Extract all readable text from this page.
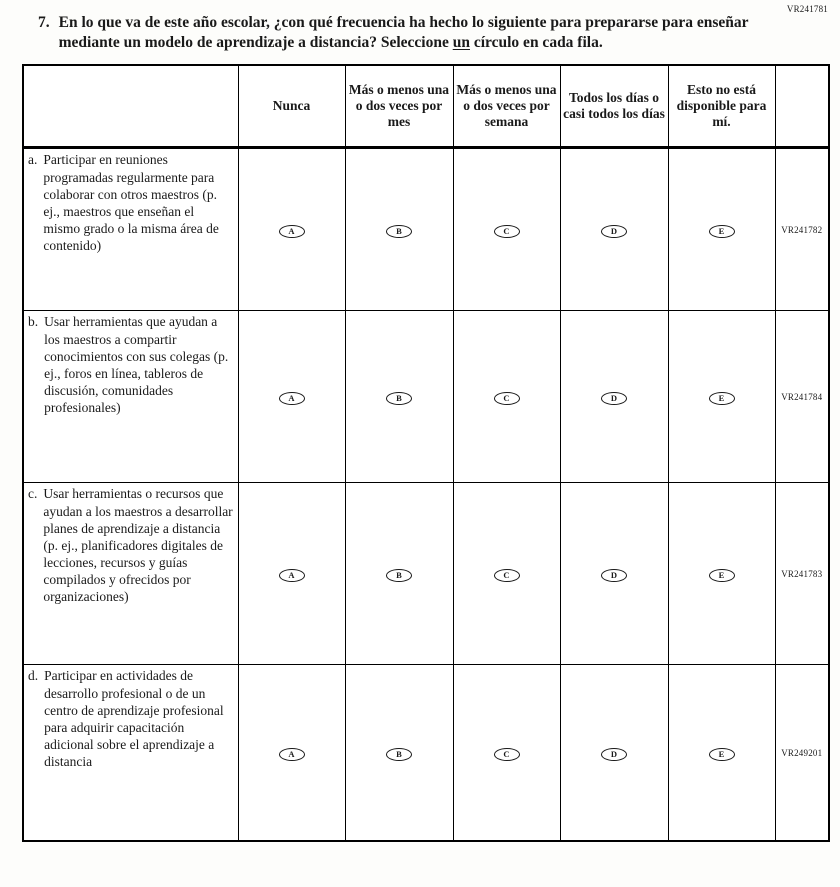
VR241781
7. En lo que va de este año escolar, ¿con qué frecuencia ha hecho lo siguiente para prepararse para enseñar mediante un modelo de aprendizaje a distancia? Seleccione un círculo en cada fila.
	Nunca	Más o menos una o dos veces por mes	Más o menos una o dos veces por semana	Todos los días o casi todos los días	Esto no está disponible para mí.	

a. Participar en reuniones programadas regularmente para colaborar con otros maestros (p. ej., maestros que enseñan el mismo grado o la misma área de contenido)	A	B	C	D	E	VR241782

b. Usar herramientas que ayudan a los maestros a compartir conocimientos con sus colegas (p. ej., foros en línea, tableros de discusión, comunidades profesionales)	A	B	C	D	E	VR241784

c. Usar herramientas o recursos que ayudan a los maestros a desarrollar planes de aprendizaje a distancia (p. ej., planificadores digitales de lecciones, recursos y guías compilados y ofrecidos por organizaciones)	A	B	C	D	E	VR241783

d. Participar en actividades de desarrollo profesional o de un centro de aprendizaje profesional para adquirir capacitación adicional sobre el aprendizaje a distancia	A	B	C	D	E	VR249201
